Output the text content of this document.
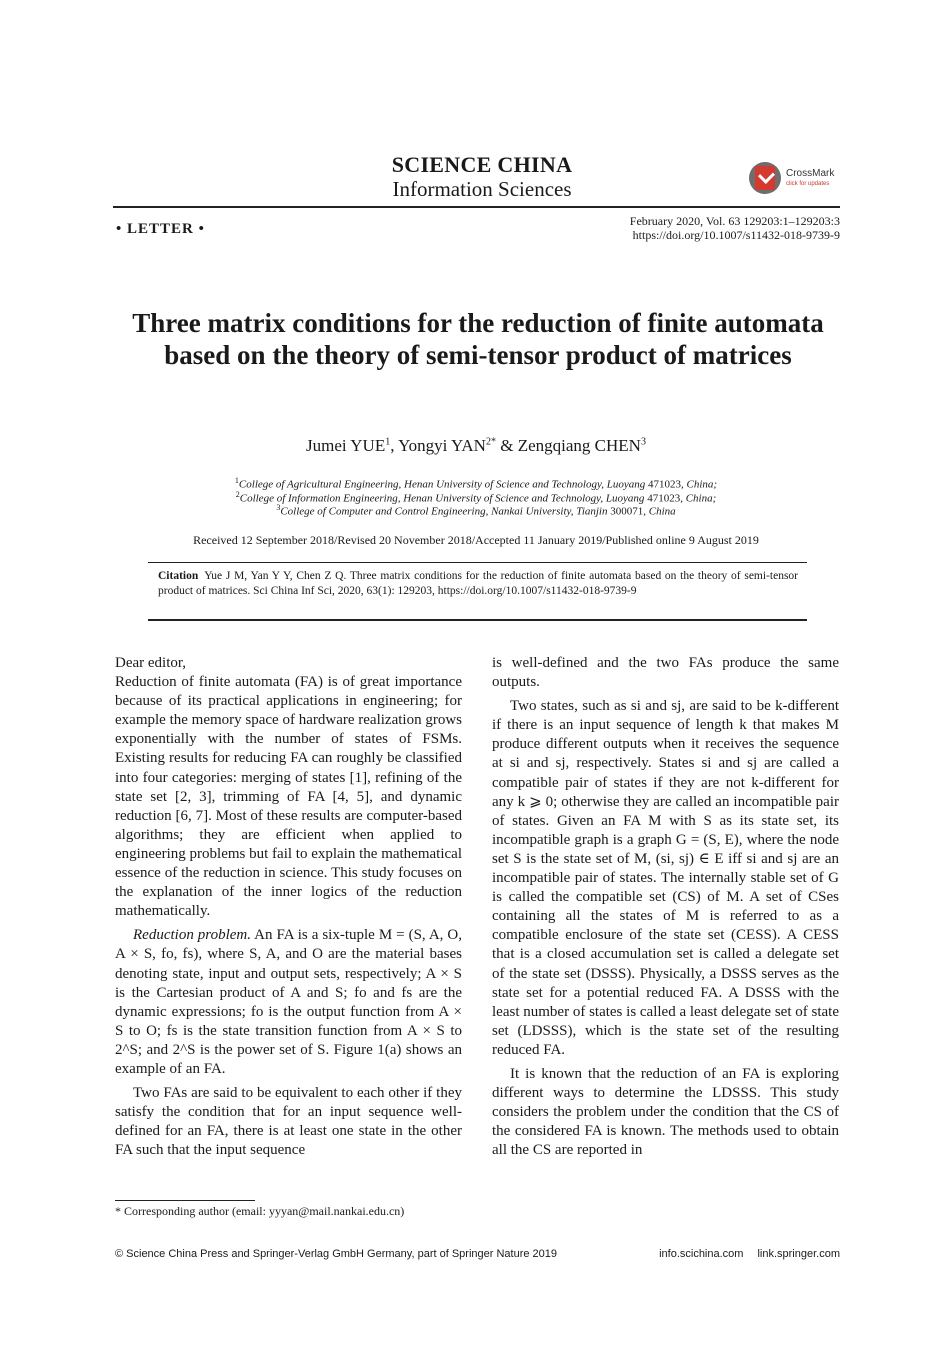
SCIENCE CHINA
Information Sciences
CrossMark
click for updates
• LETTER •	February 2020, Vol. 63 129203:1–129203:3
https://doi.org/10.1007/s11432-018-9739-9
Three matrix conditions for the reduction of finite automata based on the theory of semi-tensor product of matrices
Jumei YUE$^1$, Yongyi $YAN^{2*}$ & Zengqiang CHEN$^3$
$^1$College of Agricultural Engineering, Henan University of Science and Technology, Luoyang 471023, China;
$^2$College of Information Engineering, Henan University of Science and Technology, Luoyang 471023, China;
$^3$College of Computer and Control Engineering, Nankai University, Tianjin 300071, China
Received 12 September 2018/Revised 20 November 2018/Accepted 11 January 2019/Published online 9 August 2019
Citation Yue J M, Yan Y Y, Chen Z Q. Three matrix conditions for the reduction of finite automata based on the theory of semi-tensor product of matrices. Sci China Inf Sci, 2020, 63(1): 129203, https://doi.org/10.1007/s11432-018-9739-9

Dear editor,

Reduction of finite automata (FA) is of great importance because of its practical applications in engineering; for example the memory space of hardware realization grows exponentially with the number of states of FSMs. Existing results for reducing FA can roughly be classified into four categories: merging of states [1], refining of the state set [2, 3], trimming of FA [4, 5], and dynamic reduction [6, 7]. Most of these results are computer-based algorithms; they are efficient when applied to engineering problems but fail to explain the mathematical essence of the reduction in science. This study focuses on the explanation of the inner logics of the reduction mathematically.

Reduction problem. An FA is a six-tuple M = (S, A, O, A × S, fo, fs), where S, A, and O are the material bases denoting state, input and output sets, respectively; A × S is the Cartesian product of A and S; fo and fs are the dynamic expressions; fo is the output function from A × S to O; fs is the state transition function from A × S to 2^S; and 2^S is the power set of S. Figure 1(a) shows an example of an FA.

Two FAs are said to be equivalent to each other if they satisfy the condition that for an input sequence well-defined for an FA, there is at least one state in the other FA such that the input sequence

is well-defined and the two FAs produce the same outputs.

Two states, such as si and sj, are said to be k-different if there is an input sequence of length k that makes M produce different outputs when it receives the sequence at si and sj, respectively. States si and sj are called a compatible pair of states if they are not k-different for any k ⩾ 0; otherwise they are called an incompatible pair of states. Given an FA M with S as its state set, its incompatible graph is a graph G = (S, E), where the node set S is the state set of M, (si, sj) ∈ E iff si and sj are an incompatible pair of states. The internally stable set of G is called the compatible set (CS) of M. A set of CSes containing all the states of M is referred to as a compatible enclosure of the state set (CESS). A CESS that is a closed accumulation set is called a delegate set of the state set (DSSS). Physically, a DSSS serves as the state set for a potential reduced FA. A DSSS with the least number of states is called a least delegate set of state set (LDSSS), which is the state set of the resulting reduced FA.

It is known that the reduction of an FA is exploring different ways to determine the LDSSS. This study considers the problem under the condition that the CS of the considered FA is known. The methods used to obtain all the CS are reported in

* Corresponding author (email: yyyan@mail.nankai.edu.cn)
© Science China Press and Springer-Verlag GmbH Germany, part of Springer Nature 2019	info.scichina.com link.springer.com
